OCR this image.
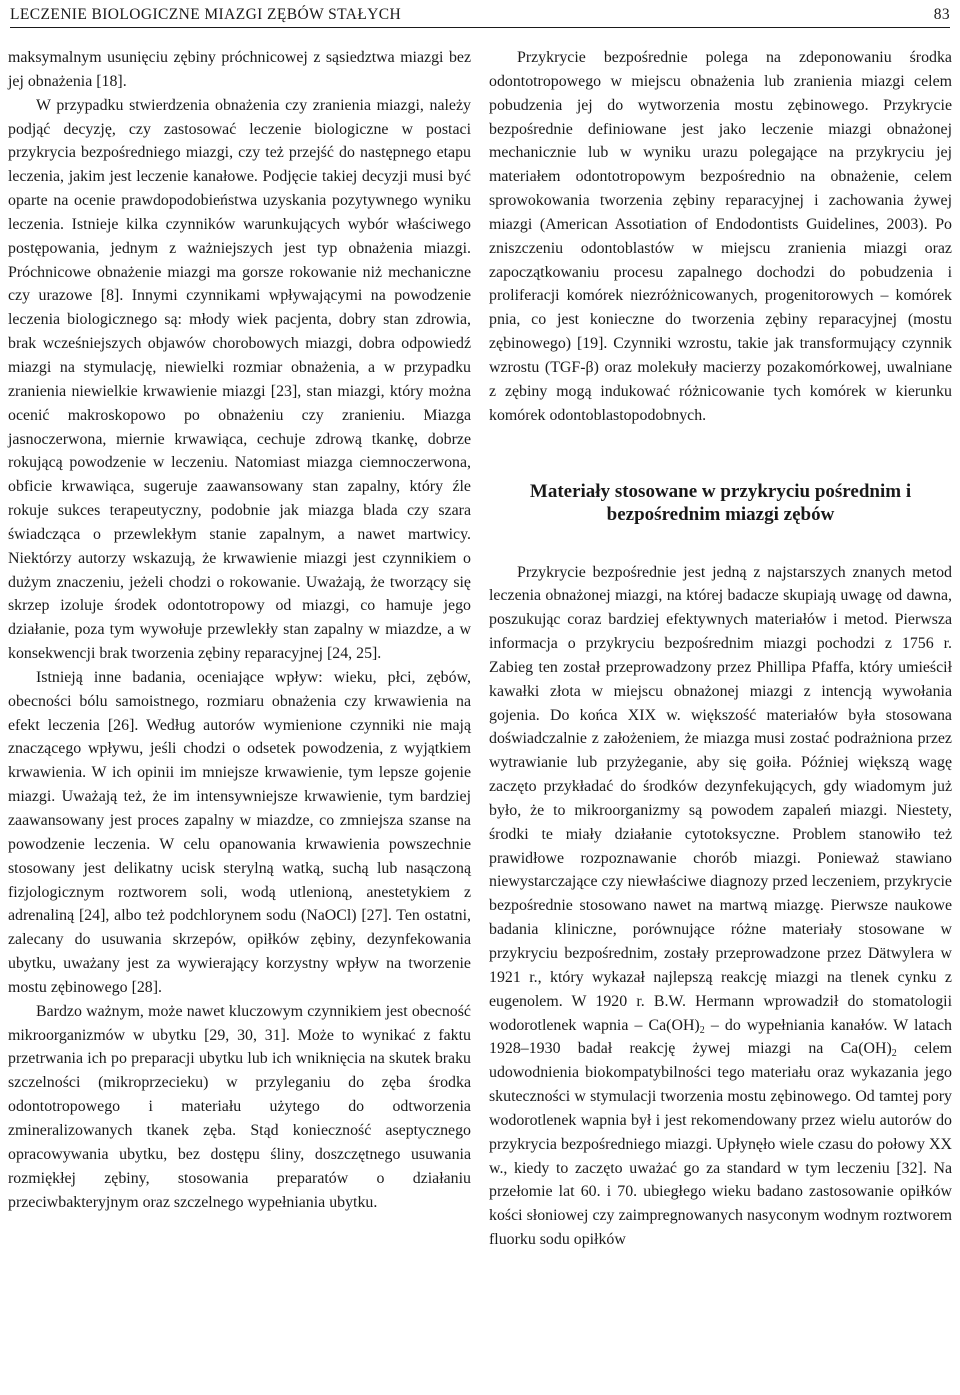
LECZENIE BIOLOGICZNE MIAZGI ZĘBÓW STAŁYCH	83

maksymalnym usunięciu zębiny próchnicowej z sąsiedztwa miazgi bez jej obnażenia [18].

W przypadku stwierdzenia obnażenia czy zranienia miazgi, należy podjąć decyzję, czy zastosować leczenie biologiczne w postaci przykrycia bezpośredniego miazgi, czy też przejść do następnego etapu leczenia, jakim jest leczenie kanałowe. Podjęcie takiej decyzji musi być oparte na ocenie prawdopodobieństwa uzyskania pozytywnego wyniku leczenia. Istnieje kilka czynników warunkujących wybór właściwego postępowania, jednym z ważniejszych jest typ obnażenia miazgi. Próchnicowe obnażenie miazgi ma gorsze rokowanie niż mechaniczne czy urazowe [8]. Innymi czynnikami wpływającymi na powodzenie leczenia biologicznego są: młody wiek pacjenta, dobry stan zdrowia, brak wcześniejszych objawów chorobowych miazgi, dobra odpowiedź miazgi na stymulację, niewielki rozmiar obnażenia, a w przypadku zranienia niewielkie krwawienie miazgi [23], stan miazgi, który można ocenić makroskopowo po obnażeniu czy zranieniu. Miazga jasnoczerwona, miernie krwawiąca, cechuje zdrową tkankę, dobrze rokującą powodzenie w leczeniu. Natomiast miazga ciemnoczerwona, obficie krwawiąca, sugeruje zaawansowany stan zapalny, który źle rokuje sukces terapeutyczny, podobnie jak miazga blada czy szara świadcząca o przewlekłym stanie zapalnym, a nawet martwicy. Niektórzy autorzy wskazują, że krwawienie miazgi jest czynnikiem o dużym znaczeniu, jeżeli chodzi o rokowanie. Uważają, że tworzący się skrzep izoluje środek odontotropowy od miazgi, co hamuje jego działanie, poza tym wywołuje przewlekły stan zapalny w miazdze, a w konsekwencji brak tworzenia zębiny reparacyjnej [24, 25].

Istnieją inne badania, oceniające wpływ: wieku, płci, zębów, obecności bólu samoistnego, rozmiaru obnażenia czy krwawienia na efekt leczenia [26]. Według autorów wymienione czynniki nie mają znaczącego wpływu, jeśli chodzi o odsetek powodzenia, z wyjątkiem krwawienia. W ich opinii im mniejsze krwawienie, tym lepsze gojenie miazgi. Uważają też, że im intensywniejsze krwawienie, tym bardziej zaawansowany jest proces zapalny w miazdze, co zmniejsza szanse na powodzenie leczenia. W celu opanowania krwawienia powszechnie stosowany jest delikatny ucisk sterylną watką, suchą lub nasączoną fizjologicznym roztworem soli, wodą utlenioną, anestetykiem z adrenaliną [24], albo też podchlorynem sodu (NaOCl) [27]. Ten ostatni, zalecany do usuwania skrzepów, opiłków zębiny, dezynfekowania ubytku, uważany jest za wywierający korzystny wpływ na tworzenie mostu zębinowego [28].

Bardzo ważnym, może nawet kluczowym czynnikiem jest obecność mikroorganizmów w ubytku [29, 30, 31]. Może to wynikać z faktu przetrwania ich po preparacji ubytku lub ich wniknięcia na skutek braku szczelności (mikroprzecieku) w przyleganiu do zęba środka odontotropowego i materiału użytego do odtworzenia zmineralizowanych tkanek zęba. Stąd konieczność aseptycznego opracowywania ubytku, bez dostępu śliny, doszczętnego usuwania rozmiękłej zębiny, stosowania preparatów o działaniu przeciwbakteryjnym oraz szczelnego wypełniania ubytku.

Przykrycie bezpośrednie polega na zdeponowaniu środka odontotropowego w miejscu obnażenia lub zranienia miazgi celem pobudzenia jej do wytworzenia mostu zębinowego. Przykrycie bezpośrednie definiowane jest jako leczenie miazgi obnażonej mechanicznie lub w wyniku urazu polegające na przykryciu jej materiałem odontotropowym bezpośrednio na obnażenie, celem sprowokowania tworzenia zębiny reparacyjnej i zachowania żywej miazgi (American Assotiation of Endodontists Guidelines, 2003). Po zniszczeniu odontoblastów w miejscu zranienia miazgi oraz zapoczątkowaniu procesu zapalnego dochodzi do pobudzenia i proliferacji komórek niezróżnicowanych, progenitorowych – komórek pnia, co jest konieczne do tworzenia zębiny reparacyjnej (mostu zębinowego) [19]. Czynniki wzrostu, takie jak transformujący czynnik wzrostu (TGF-β) oraz molekuły macierzy pozakomórkowej, uwalniane z zębiny mogą indukować różnicowanie tych komórek w kierunku komórek odontoblastopodobnych.

Materiały stosowane w przykryciu pośrednim i bezpośrednim miazgi zębów

Przykrycie bezpośrednie jest jedną z najstarszych znanych metod leczenia obnażonej miazgi, na której badacze skupiają uwagę od dawna, poszukując coraz bardziej efektywnych materiałów i metod. Pierwsza informacja o przykryciu bezpośrednim miazgi pochodzi z 1756 r. Zabieg ten został przeprowadzony przez Phillipa Pfaffa, który umieścił kawałki złota w miejscu obnażonej miazgi z intencją wywołania gojenia. Do końca XIX w. większość materiałów była stosowana doświadczalnie z założeniem, że miazga musi zostać podrażniona przez wytrawianie lub przyżeganie, aby się goiła. Później większą wagę zaczęto przykładać do środków dezynfekujących, gdy wiadomym już było, że to mikroorganizmy są powodem zapaleń miazgi. Niestety, środki te miały działanie cytotoksyczne. Problem stanowiło też prawidłowe rozpoznawanie chorób miazgi. Ponieważ stawiano niewystarczające czy niewłaściwe diagnozy przed leczeniem, przykrycie bezpośrednie stosowano nawet na martwą miazgę. Pierwsze naukowe badania kliniczne, porównujące różne materiały stosowane w przykryciu bezpośrednim, zostały przeprowadzone przez Dätwylera w 1921 r., który wykazał najlepszą reakcję miazgi na tlenek cynku z eugenolem. W 1920 r. B.W. Hermann wprowadził do stomatologii wodorotlenek wapnia – $Ca(OH)_2$ – do wypełniania kanałów. W latach 1928–1930 badał reakcję żywej miazgi na $Ca(OH)_2$ celem udowodnienia biokompatybilności tego materiału oraz wykazania jego skuteczności w stymulacji tworzenia mostu zębinowego. Od tamtej pory wodorotlenek wapnia był i jest rekomendowany przez wielu autorów do przykrycia bezpośredniego miazgi. Upłynęło wiele czasu do połowy XX w., kiedy to zaczęto uważać go za standard w tym leczeniu [32]. Na przełomie lat 60. i 70. ubiegłego wieku badano zastosowanie opiłków kości słoniowej czy zaimpregnowanych nasyconym wodnym roztworem fluorku sodu opiłków
